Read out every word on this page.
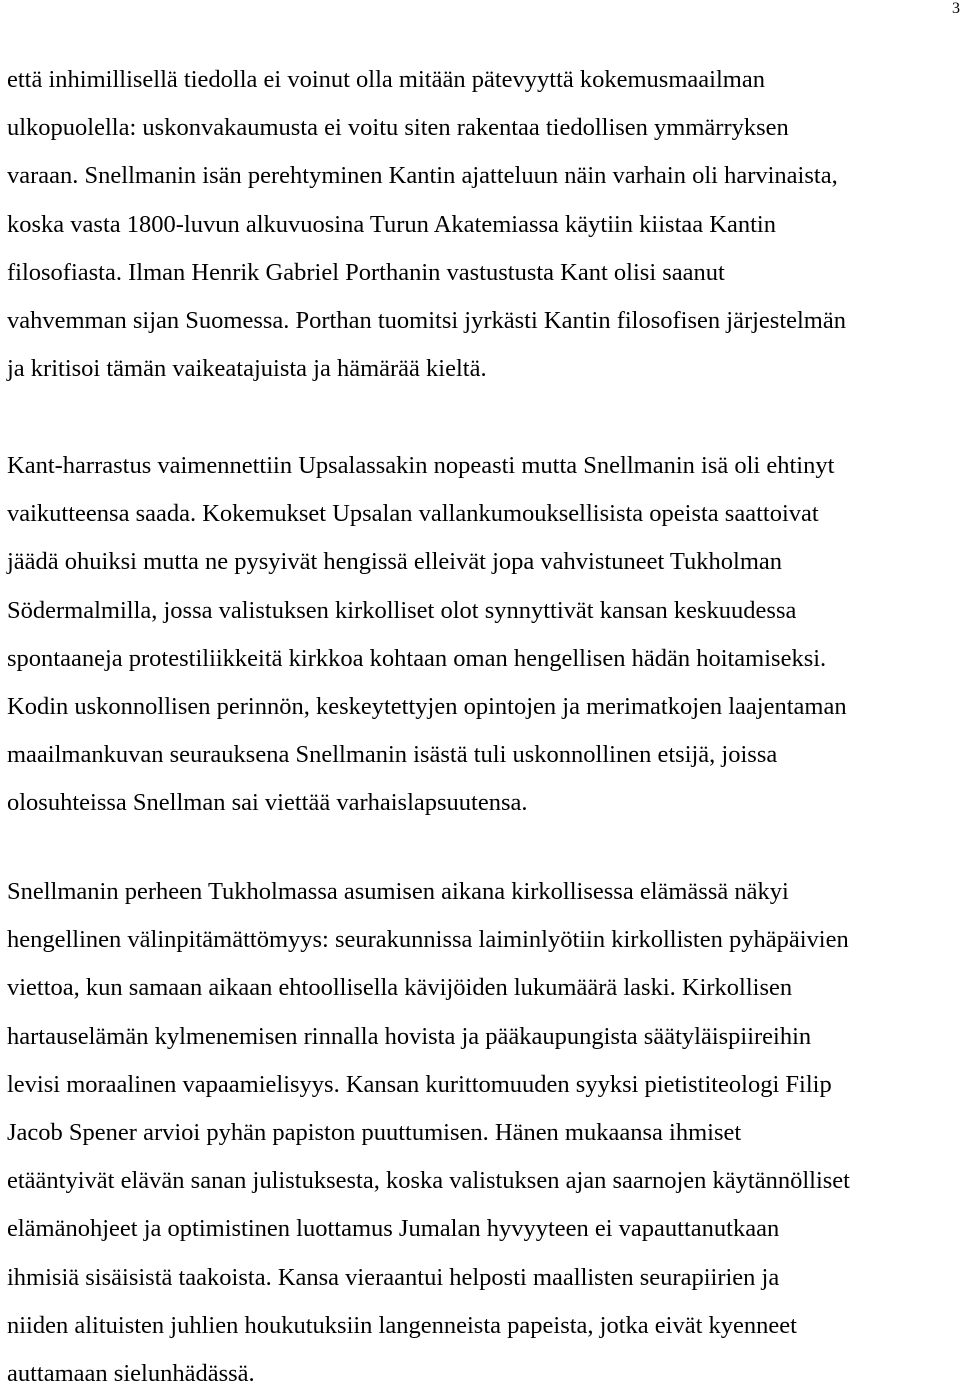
3
että inhimillisellä tiedolla ei voinut olla mitään pätevyyttä kokemusmaailman
ulkopuolella: uskonvakaumusta ei voitu siten rakentaa tiedollisen ymmärryksen
varaan. Snellmanin isän perehtyminen Kantin ajatteluun näin varhain oli harvinaista,
koska vasta 1800-luvun alkuvuosina Turun Akatemiassa käytiin kiistaa Kantin
filosofiasta. Ilman Henrik Gabriel Porthanin vastustusta Kant olisi saanut
vahvemman sijan Suomessa. Porthan tuomitsi jyrkästi Kantin filosofisen järjestelmän
ja kritisoi tämän vaikeatajuista ja hämärää kieltä.
Kant-harrastus vaimennettiin Upsalassakin nopeasti mutta Snellmanin isä oli ehtinyt
vaikutteensa saada. Kokemukset Upsalan vallankumouksellisista opeista saattoivat
jäädä ohuiksi mutta ne pysyivät hengissä elleivät jopa vahvistuneet Tukholman
Södermalmilla, jossa valistuksen kirkolliset olot synnyttivät kansan keskuudessa
spontaaneja protestiliikkeitä kirkkoa kohtaan oman hengellisen hädän hoitamiseksi.
Kodin uskonnollisen perinnön, keskeytettyjen opintojen ja merimatkojen laajentaman
maailmankuvan seurauksena Snellmanin isästä tuli uskonnollinen etsijä, joissa
olosuhteissa Snellman sai viettää varhaislapsuutensa.
Snellmanin perheen Tukholmassa asumisen aikana kirkollisessa elämässä näkyi
hengellinen välinpitämättömyys: seurakunnissa laiminlyötiin kirkollisten pyhäpäivien
viettoa, kun samaan aikaan ehtoollisella kävijöiden lukumäärä laski. Kirkollisen
hartauselämän kylmenemisen rinnalla hovista ja pääkaupungista säätyläispiireihin
levisi moraalinen vapaamielisyys. Kansan kurittomuuden syyksi pietistiteologi Filip
Jacob Spener arvioi pyhän papiston puuttumisen. Hänen mukaansa ihmiset
etääntyivät elävän sanan julistuksesta, koska valistuksen ajan saarnojen käytännölliset
elämänohjeet ja optimistinen luottamus Jumalan hyvyyteen ei vapauttanutkaan
ihmisiä sisäisistä taakoista. Kansa vieraantui helposti maallisten seurapiirien ja
niiden alituisten juhlien houkutuksiin langenneista papeista, jotka eivät kyenneet
auttamaan sielunhädässä.
